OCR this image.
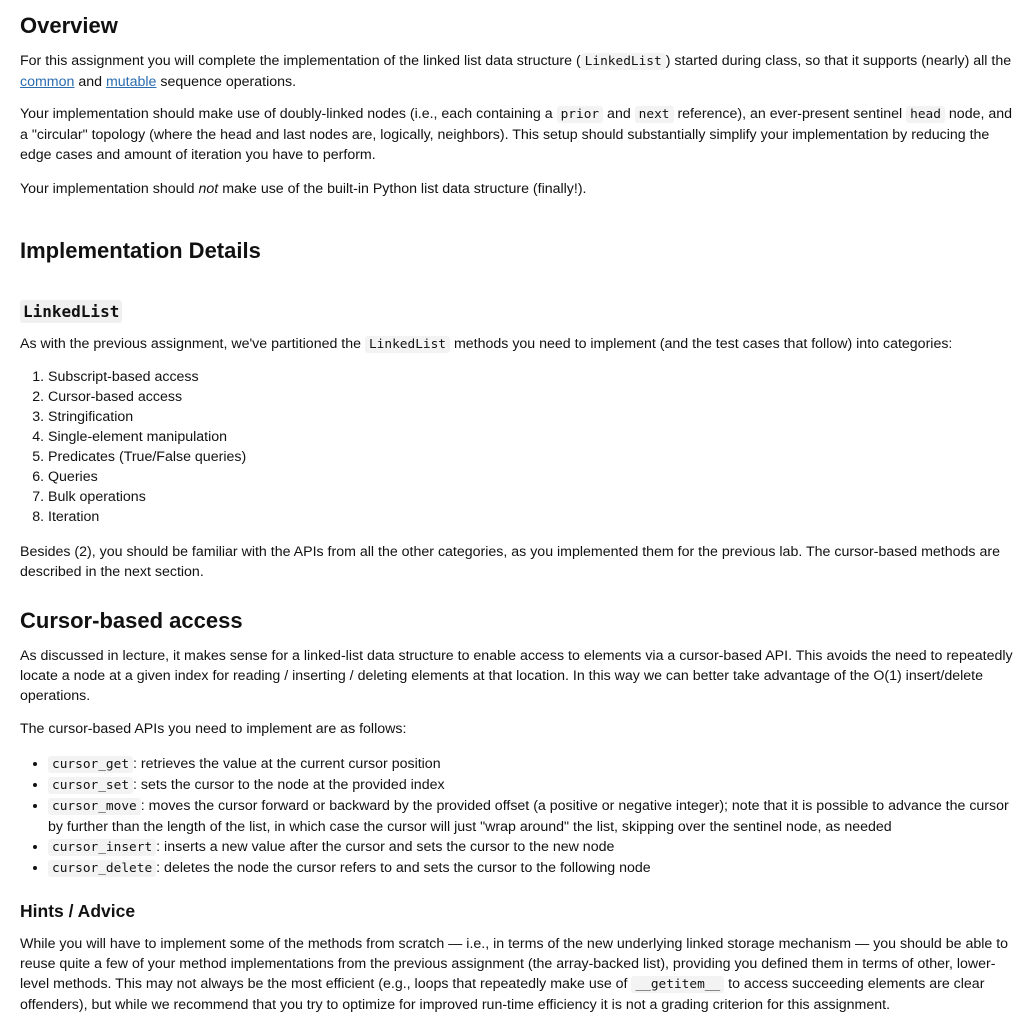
Overview

For this assignment you will complete the implementation of the linked list data structure ( LinkedList ) started during class, so that it supports (nearly) all the common and mutable sequence operations.

Your implementation should make use of doubly-linked nodes (i.e., each containing a prior and next reference), an ever-present sentinel head node, and a "circular" topology (where the head and last nodes are, logically, neighbors). This setup should substantially simplify your implementation by reducing the edge cases and amount of iteration you have to perform.

Your implementation should not make use of the built-in Python list data structure (finally!).

Implementation Details
LinkedList

As with the previous assignment, we've partitioned the LinkedList methods you need to implement (and the test cases that follow) into categories:

1. Subscript-based access
2. Cursor-based access
3. Stringification
4. Single-element manipulation
5. Predicates (True/False queries)
6. Queries
7. Bulk operations
8. Iteration

Besides (2), you should be familiar with the APIs from all the other categories, as you implemented them for the previous lab. The cursor-based methods are described in the next section.

Cursor-based access

As discussed in lecture, it makes sense for a linked-list data structure to enable access to elements via a cursor-based API. This avoids the need to repeatedly locate a node at a given index for reading / inserting / deleting elements at that location. In this way we can better take advantage of the O(1) insert/delete operations.

The cursor-based APIs you need to implement are as follows:

• cursor_get : retrieves the value at the current cursor position
• cursor_set : sets the cursor to the node at the provided index
• cursor_move : moves the cursor forward or backward by the provided offset (a positive or negative integer); note that it is possible to advance the cursor by further than the length of the list, in which case the cursor will just "wrap around" the list, skipping over the sentinel node, as needed
• cursor_insert : inserts a new value after the cursor and sets the cursor to the new node
• cursor_delete : deletes the node the cursor refers to and sets the cursor to the following node
Hints / Advice

While you will have to implement some of the methods from scratch — i.e., in terms of the new underlying linked storage mechanism — you should be able to reuse quite a few of your method implementations from the previous assignment (the array-backed list), providing you defined them in terms of other, lower-level methods. This may not always be the most efficient (e.g., loops that repeatedly make use of __getitem__ to access succeeding elements are clear offenders), but while we recommend that you try to optimize for improved run-time efficiency it is not a grading criterion for this assignment.
